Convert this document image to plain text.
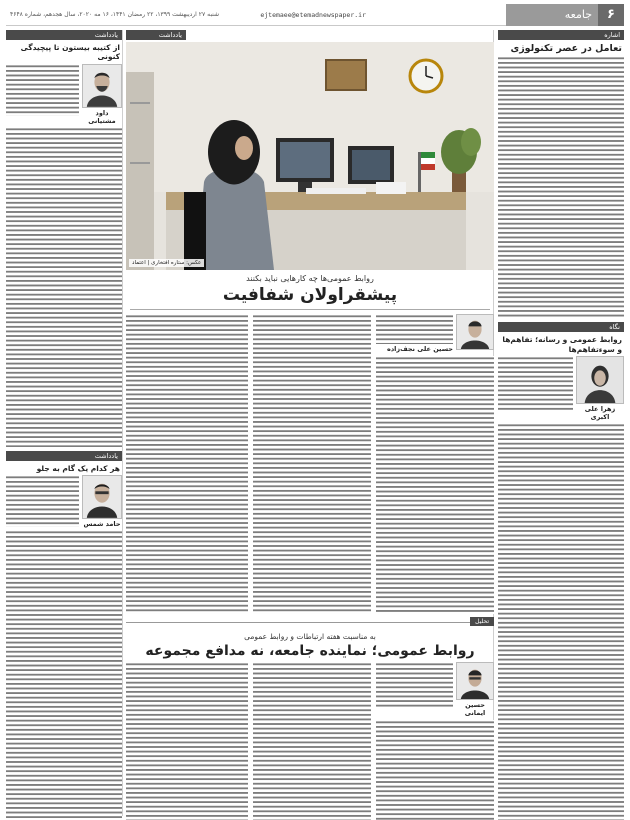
۶
جامعه
ejtemaee@etemadnewspaper.ir
شنبه ۲۷ اردیبهشت ۱۳۹۹، ۲۲ رمضان ۱۴۴۱، ۱۶ مه ۲۰۲۰، سال هجدهم، شماره ۴۶۴۸
اشاره
تعامل در عصر تکنولوژی
نگاه
روابط عمومی و رسانه؛ تفاهم‌ها و سوءتفاهم‌ها
زهرا علی اکبری
یادداشت
از کتیبه بیستون تا پیچیدگی کنونی
داود مشتیانی
یادداشت
هر کدام یک گام به جلو
حامد شمس
یادداشت
عکس: ستاره افتخاری | اعتماد
روابط عمومی‌ها چه کارهایی نباید بکنند
پیشقراولان شفافیت
حسین علی نجف‌زاده
تحلیل
به مناسبت هفته ارتباطات و روابط عمومی
روابط عمومی؛ نماینده جامعه، نه مدافع مجموعه
حسین ایمانی
